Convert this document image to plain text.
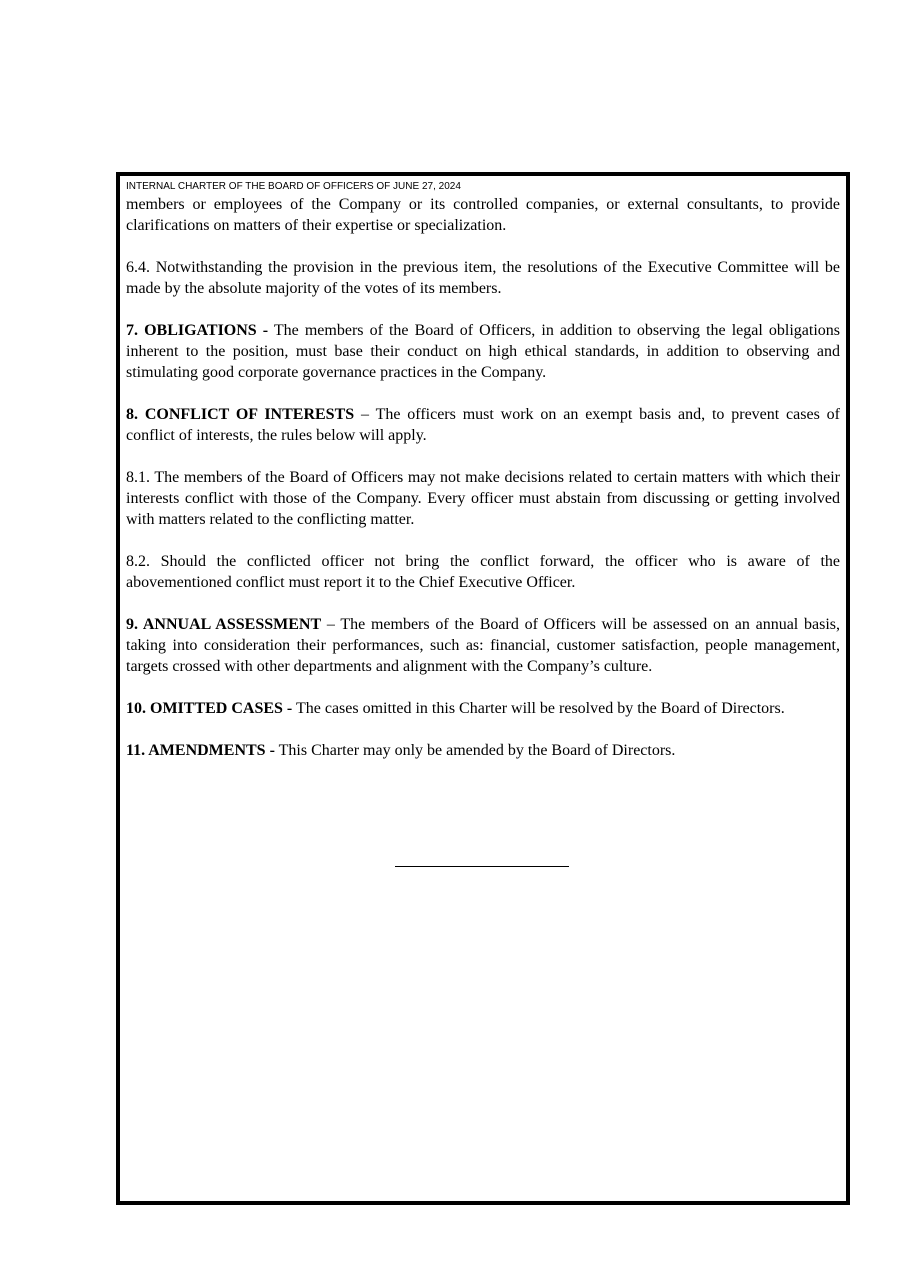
INTERNAL CHARTER OF THE BOARD OF OFFICERS OF JUNE 27, 2024

members or employees of the Company or its controlled companies, or external consultants, to provide clarifications on matters of their expertise or specialization.

6.4. Notwithstanding the provision in the previous item, the resolutions of the Executive Committee will be made by the absolute majority of the votes of its members.

7. OBLIGATIONS - The members of the Board of Officers, in addition to observing the legal obligations inherent to the position, must base their conduct on high ethical standards, in addition to observing and stimulating good corporate governance practices in the Company.

8. CONFLICT OF INTERESTS – The officers must work on an exempt basis and, to prevent cases of conflict of interests, the rules below will apply.

8.1. The members of the Board of Officers may not make decisions related to certain matters with which their interests conflict with those of the Company. Every officer must abstain from discussing or getting involved with matters related to the conflicting matter.

8.2. Should the conflicted officer not bring the conflict forward, the officer who is aware of the abovementioned conflict must report it to the Chief Executive Officer.

9. ANNUAL ASSESSMENT – The members of the Board of Officers will be assessed on an annual basis, taking into consideration their performances, such as: financial, customer satisfaction, people management, targets crossed with other departments and alignment with the Company’s culture.

10. OMITTED CASES - The cases omitted in this Charter will be resolved by the Board of Directors.

11. AMENDMENTS - This Charter may only be amended by the Board of Directors.
